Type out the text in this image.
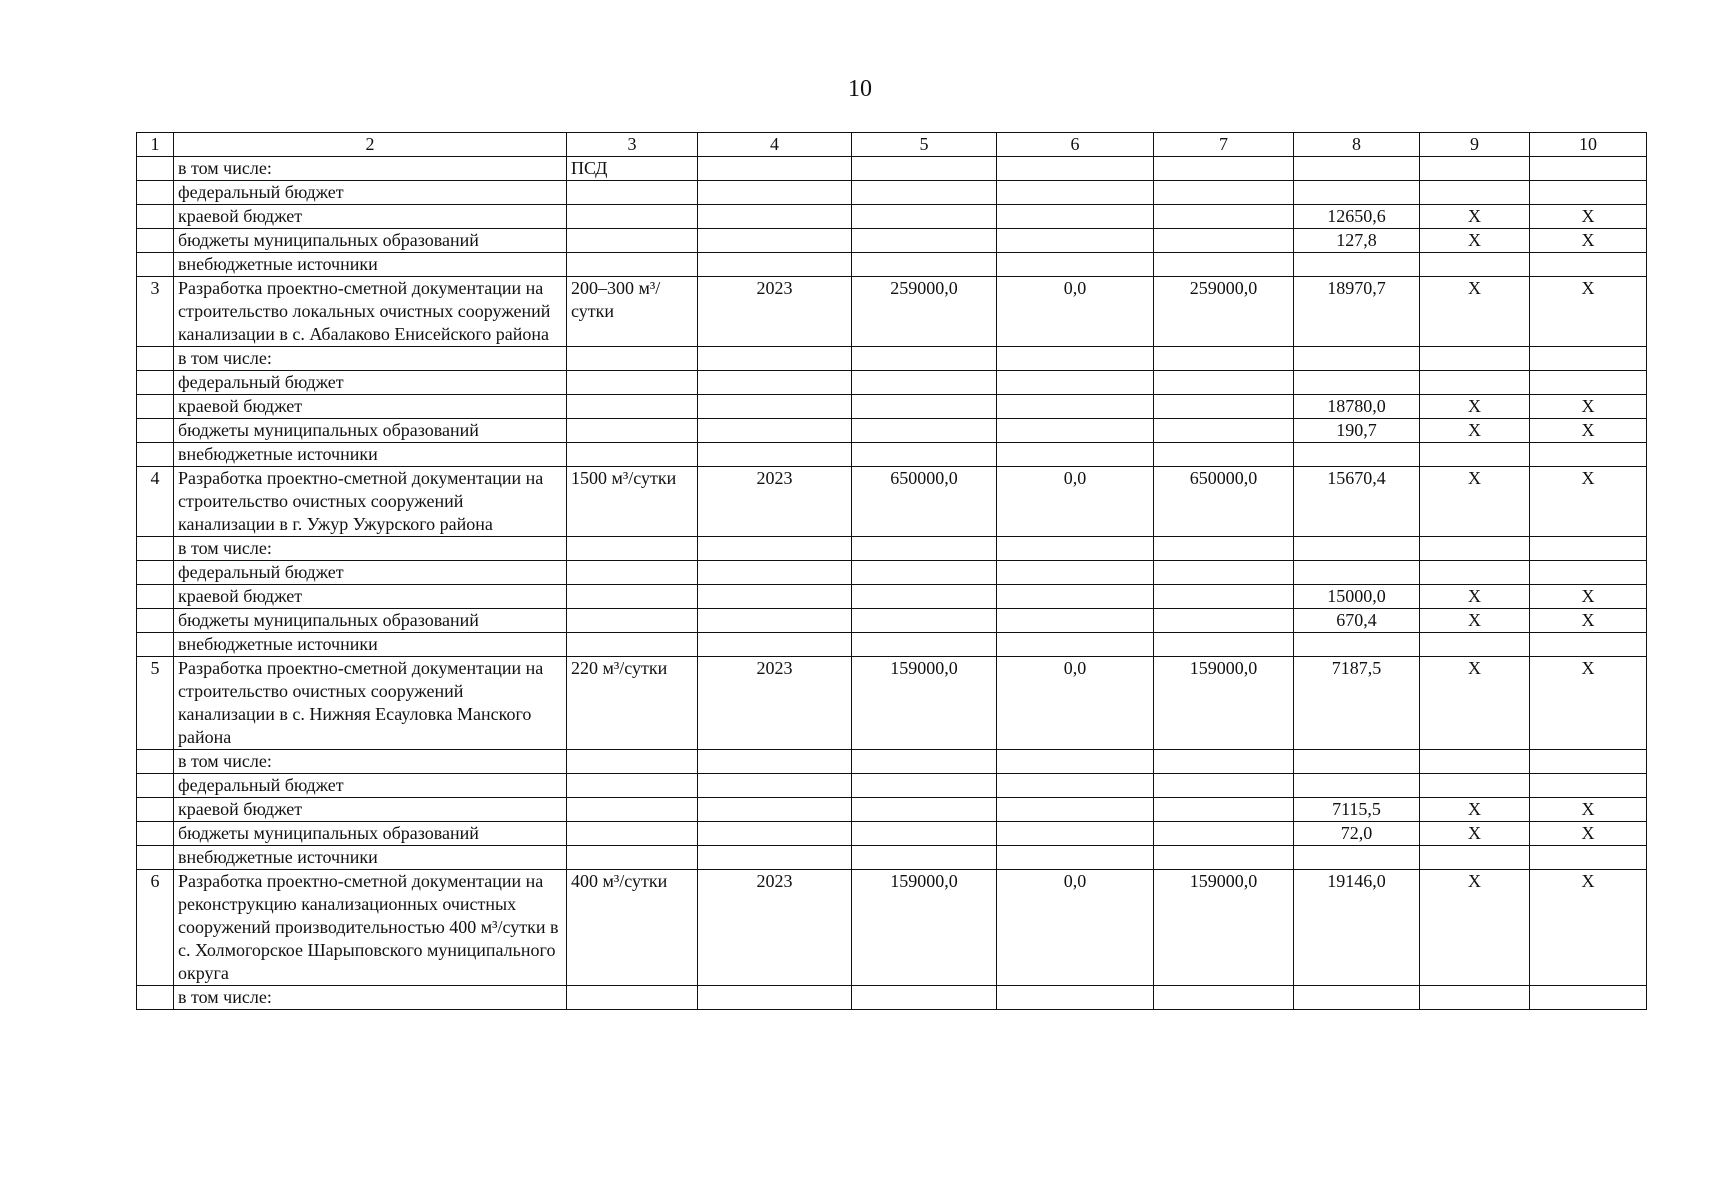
10
1	2	3	4	5	6	7	8	9	10
	в том числе:	ПСД							
	федеральный бюджет								
	краевой бюджет						12650,6	Х	Х
	бюджеты муниципальных образований						127,8	Х	Х
	внебюджетные источники								
3	Разработка проектно-сметной документации на строительство локальных очистных сооружений канализации в с. Абалаково Енисейского района	200–300 м³/сутки	2023	259000,0	0,0	259000,0	18970,7	Х	Х
	в том числе:								
	федеральный бюджет								
	краевой бюджет						18780,0	Х	Х
	бюджеты муниципальных образований						190,7	Х	Х
	внебюджетные источники								
4	Разработка проектно-сметной документации на строительство очистных сооружений канализации в г. Ужур Ужурского района	1500 м³/сутки	2023	650000,0	0,0	650000,0	15670,4	Х	Х
	в том числе:								
	федеральный бюджет								
	краевой бюджет						15000,0	Х	Х
	бюджеты муниципальных образований						670,4	Х	Х
	внебюджетные источники								
5	Разработка проектно-сметной документации на строительство очистных сооружений канализации в с. Нижняя Есауловка Манского района	220 м³/сутки	2023	159000,0	0,0	159000,0	7187,5	Х	Х
	в том числе:								
	федеральный бюджет								
	краевой бюджет						7115,5	Х	Х
	бюджеты муниципальных образований						72,0	Х	Х
	внебюджетные источники								
6	Разработка проектно-сметной документации на реконструкцию канализационных очистных сооружений производительностью 400 м³/сутки в с. Холмогорское Шарыповского муниципального округа	400 м³/сутки	2023	159000,0	0,0	159000,0	19146,0	Х	Х
	в том числе:								
